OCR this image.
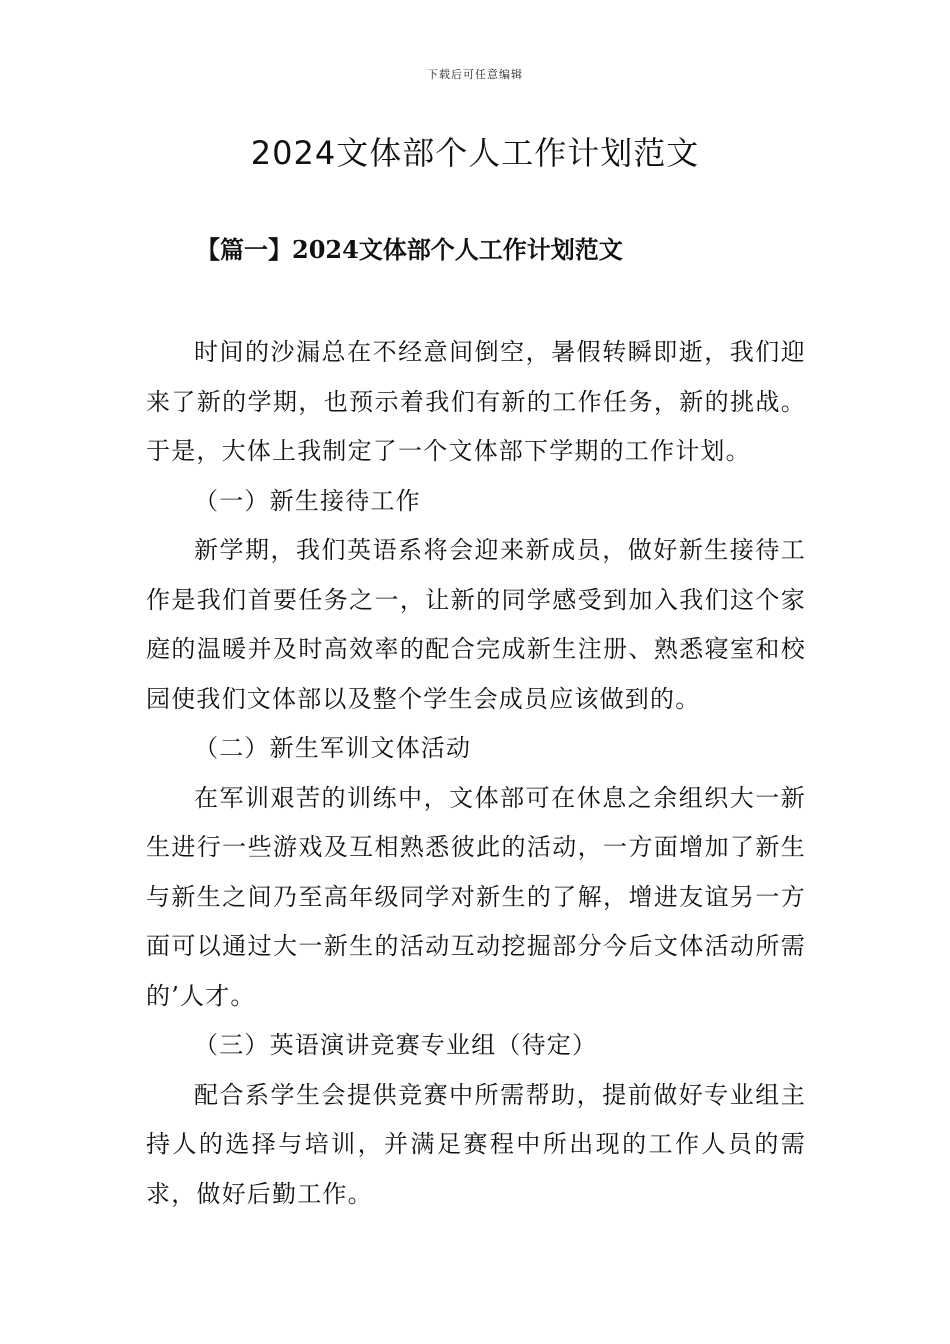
下载后可任意编辑
2024文体部个人工作计划范文
【篇一】2024文体部个人工作计划范文

时间的沙漏总在不经意间倒空，暑假转瞬即逝，我们迎来了新的学期，也预示着我们有新的工作任务，新的挑战。于是，大体上我制定了一个文体部下学期的工作计划。

（一）新生接待工作

新学期，我们英语系将会迎来新成员，做好新生接待工作是我们首要任务之一，让新的同学感受到加入我们这个家庭的温暖并及时高效率的配合完成新生注册、熟悉寝室和校园使我们文体部以及整个学生会成员应该做到的。

（二）新生军训文体活动

在军训艰苦的训练中，文体部可在休息之余组织大一新生进行一些游戏及互相熟悉彼此的活动，一方面增加了新生与新生之间乃至高年级同学对新生的了解，增进友谊另一方面可以通过大一新生的活动互动挖掘部分今后文体活动所需的’人才。

（三）英语演讲竞赛专业组（待定）

配合系学生会提供竞赛中所需帮助，提前做好专业组主持人的选择与培训，并满足赛程中所出现的工作人员的需求，做好后勤工作。
